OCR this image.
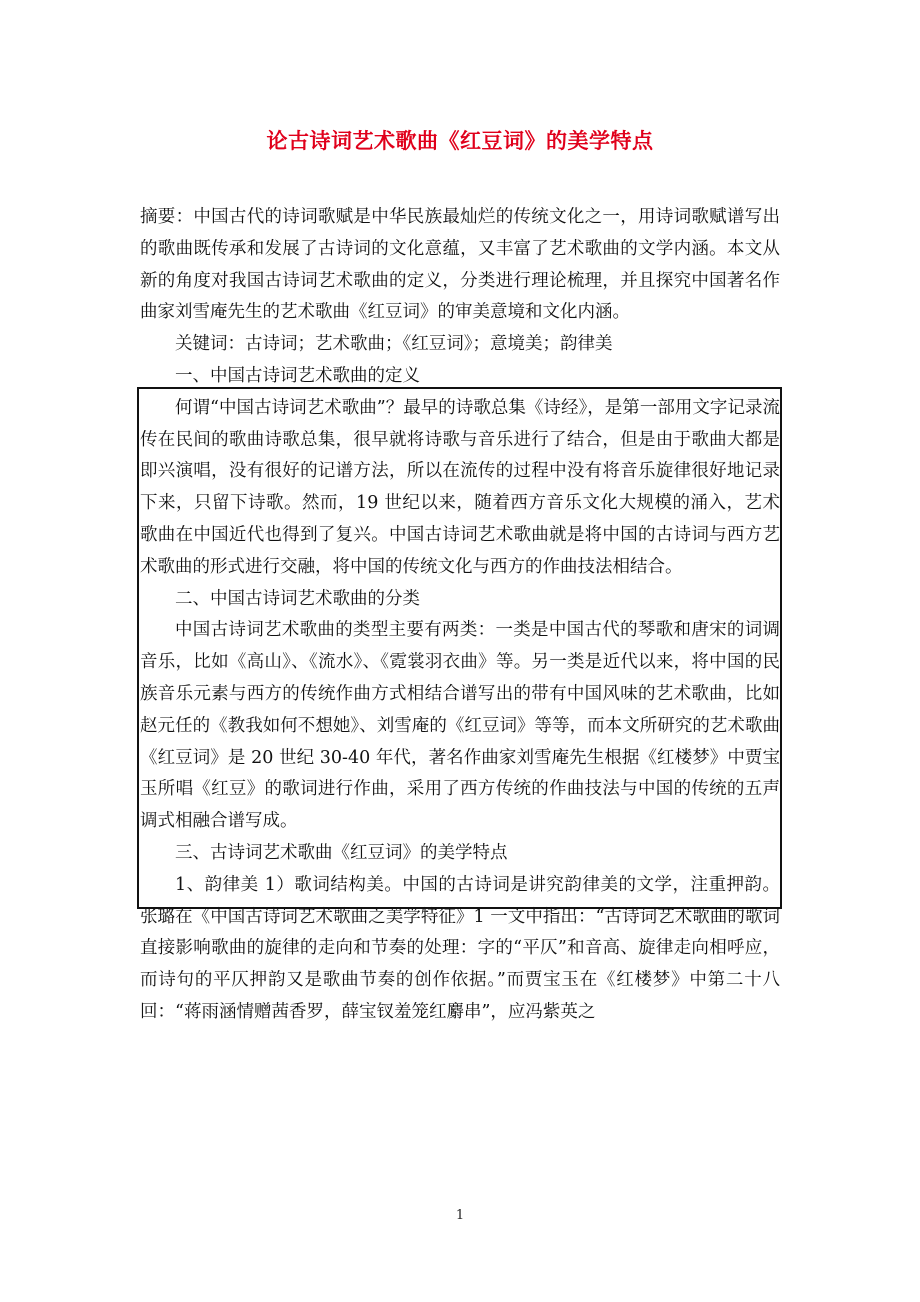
论古诗词艺术歌曲《红豆词》的美学特点

摘要：中国古代的诗词歌赋是中华民族最灿烂的传统文化之一，用诗词歌赋谱写出的歌曲既传承和发展了古诗词的文化意蕴，又丰富了艺术歌曲的文学内涵。本文从新的角度对我国古诗词艺术歌曲的定义，分类进行理论梳理，并且探究中国著名作曲家刘雪庵先生的艺术歌曲《红豆词》的审美意境和文化内涵。

关键词：古诗词；艺术歌曲；《红豆词》；意境美；韵律美

一、中国古诗词艺术歌曲的定义

何谓“中国古诗词艺术歌曲”？最早的诗歌总集《诗经》，是第一部用文字记录流传在民间的歌曲诗歌总集，很早就将诗歌与音乐进行了结合，但是由于歌曲大都是即兴演唱，没有很好的记谱方法，所以在流传的过程中没有将音乐旋律很好地记录下来，只留下诗歌。然而，19 世纪以来，随着西方音乐文化大规模的涌入，艺术歌曲在中国近代也得到了复兴。中国古诗词艺术歌曲就是将中国的古诗词与西方艺术歌曲的形式进行交融，将中国的传统文化与西方的作曲技法相结合。

二、中国古诗词艺术歌曲的分类

中国古诗词艺术歌曲的类型主要有两类：一类是中国古代的琴歌和唐宋的词调音乐，比如《高山》、《流水》、《霓裳羽衣曲》等。另一类是近代以来，将中国的民族音乐元素与西方的传统作曲方式相结合谱写出的带有中国风味的艺术歌曲，比如赵元任的《教我如何不想她》、刘雪庵的《红豆词》等等，而本文所研究的艺术歌曲《红豆词》是 20 世纪 30-40 年代，著名作曲家刘雪庵先生根据《红楼梦》中贾宝玉所唱《红豆》的歌词进行作曲，采用了西方传统的作曲技法与中国的传统的五声调式相融合谱写成。

三、古诗词艺术歌曲《红豆词》的美学特点

1、韵律美 1）歌词结构美。中国的古诗词是讲究韵律美的文学，注重押韵。张璐在《中国古诗词艺术歌曲之美学特征》1 一文中指出：“古诗词艺术歌曲的歌词直接影响歌曲的旋律的走向和节奏的处理：字的“平仄”和音高、旋律走向相呼应，而诗句的平仄押韵又是歌曲节奏的创作依据。”而贾宝玉在《红楼梦》中第二十八回：“蒋雨涵情赠茜香罗，薛宝钗羞笼红麝串”，应冯紫英之

1
